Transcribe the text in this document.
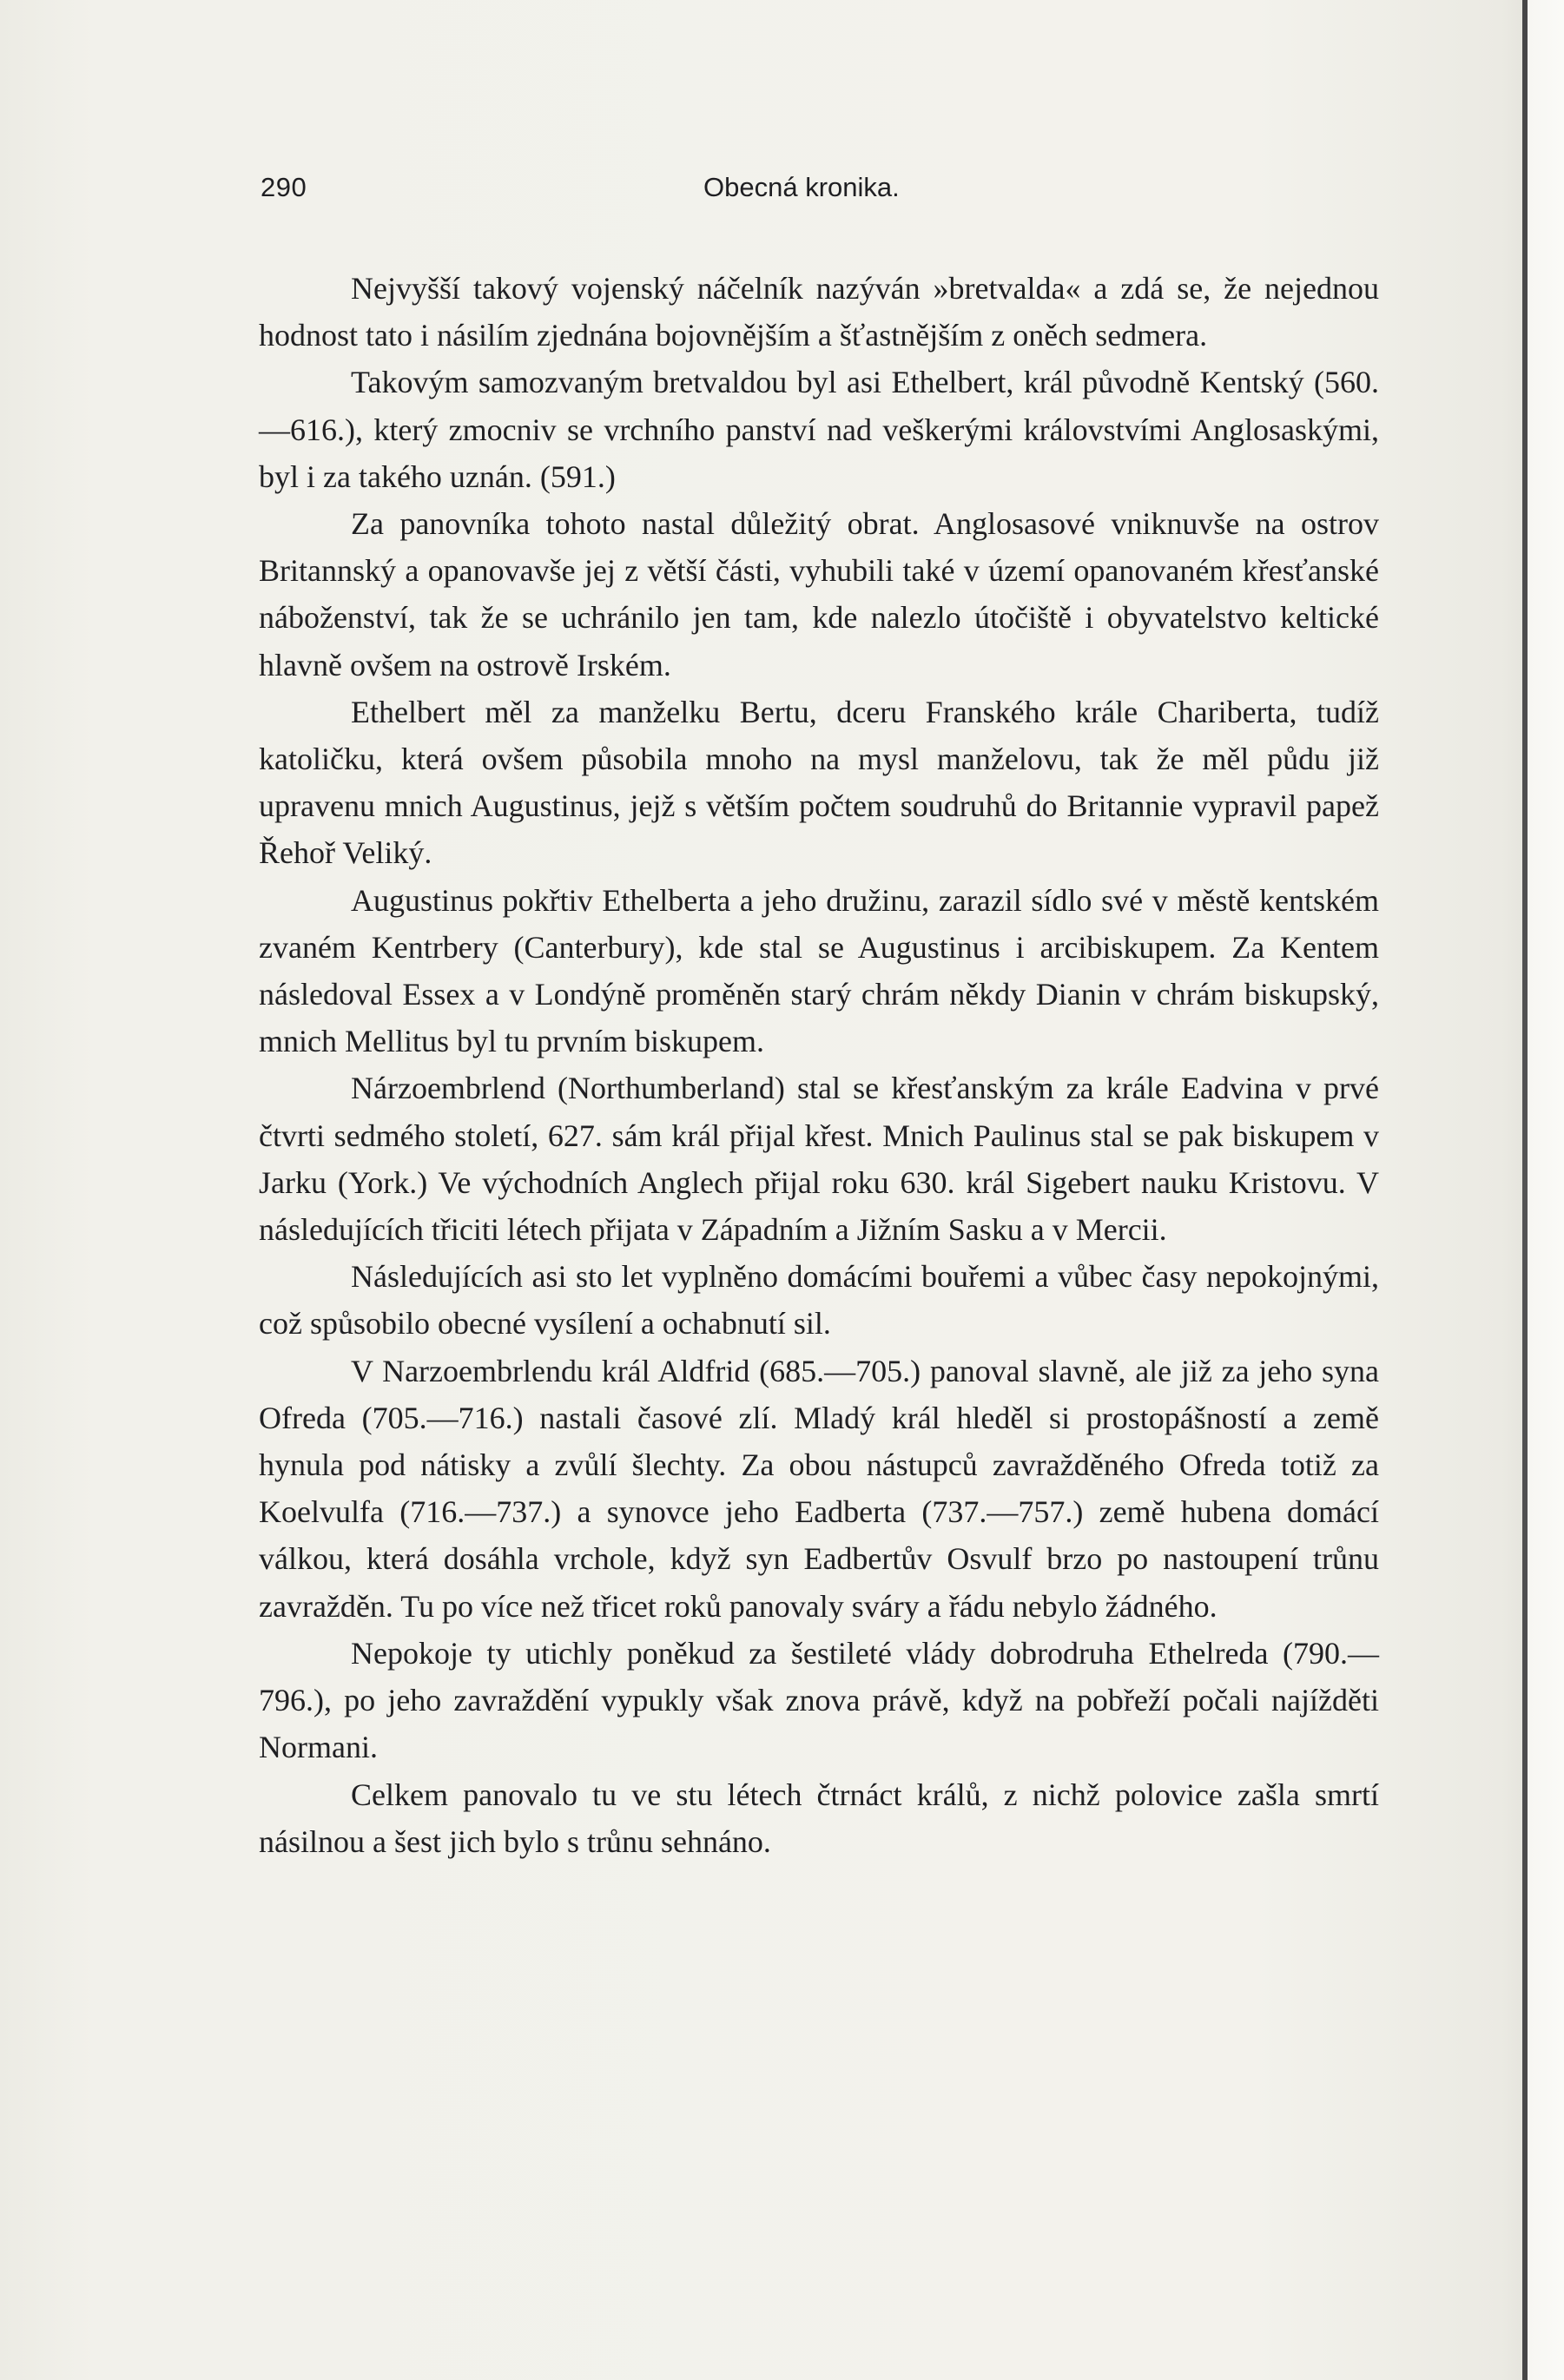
290	Obecná kronika.

Nejvyšší takový vojenský náčelník nazýván »bretvalda« a zdá se, že nejednou hodnost tato i násilím zjednána bojovnějším a šťastnějším z oněch sedmera.

Takovým samozvaným bretvaldou byl asi Ethelbert, král původně Kentský (560.—616.), který zmocniv se vrchního panství nad veškerými královstvími Anglosaskými, byl i za takého uznán. (591.)

Za panovníka tohoto nastal důležitý obrat. Anglosasové vniknuvše na ostrov Britannský a opanovavše jej z větší části, vyhubili také v území opanovaném křesťanské náboženství, tak že se uchránilo jen tam, kde nalezlo útočiště i obyvatelstvo keltické hlavně ovšem na ostrově Irském.

Ethelbert měl za manželku Bertu, dceru Franského krále Chariberta, tudíž katoličku, která ovšem působila mnoho na mysl manželovu, tak že měl půdu již upravenu mnich Augustinus, jejž s větším počtem soudruhů do Britannie vypravil papež Řehoř Veliký.

Augustinus pokřtiv Ethelberta a jeho družinu, zarazil sídlo své v městě kentském zvaném Kentrbery (Canterbury), kde stal se Augustinus i arcibiskupem. Za Kentem následoval Essex a v Londýně proměněn starý chrám někdy Dianin v chrám biskupský, mnich Mellitus byl tu prvním biskupem.

Nárzoembrlend (Northumberland) stal se křesťanským za krále Eadvina v prvé čtvrti sedmého století, 627. sám král přijal křest. Mnich Paulinus stal se pak biskupem v Jarku (York.) Ve východních Anglech přijal roku 630. král Sigebert nauku Kristovu. V následujících třiciti létech přijata v Západním a Jižním Sasku a v Mercii.

Následujících asi sto let vyplněno domácími bouřemi a vůbec časy nepokojnými, což spůsobilo obecné vysílení a ochabnutí sil.

V Narzoembrlendu král Aldfrid (685.—705.) panoval slavně, ale již za jeho syna Ofreda (705.—716.) nastali časové zlí. Mladý král hleděl si prostopášností a země hynula pod nátisky a zvůlí šlechty. Za obou nástupců zavražděného Ofreda totiž za Koelvulfa (716.—737.) a synovce jeho Eadberta (737.—757.) země hubena domácí válkou, která dosáhla vrchole, když syn Eadbertův Osvulf brzo po nastoupení trůnu zavražděn. Tu po více než třicet roků panovaly sváry a řádu nebylo žádného.

Nepokoje ty utichly poněkud za šestileté vlády dobrodruha Ethelreda (790.—796.), po jeho zavraždění vypukly však znova právě, když na pobřeží počali najížděti Normani.

Celkem panovalo tu ve stu létech čtrnáct králů, z nichž polovice zašla smrtí násilnou a šest jich bylo s trůnu sehnáno.
